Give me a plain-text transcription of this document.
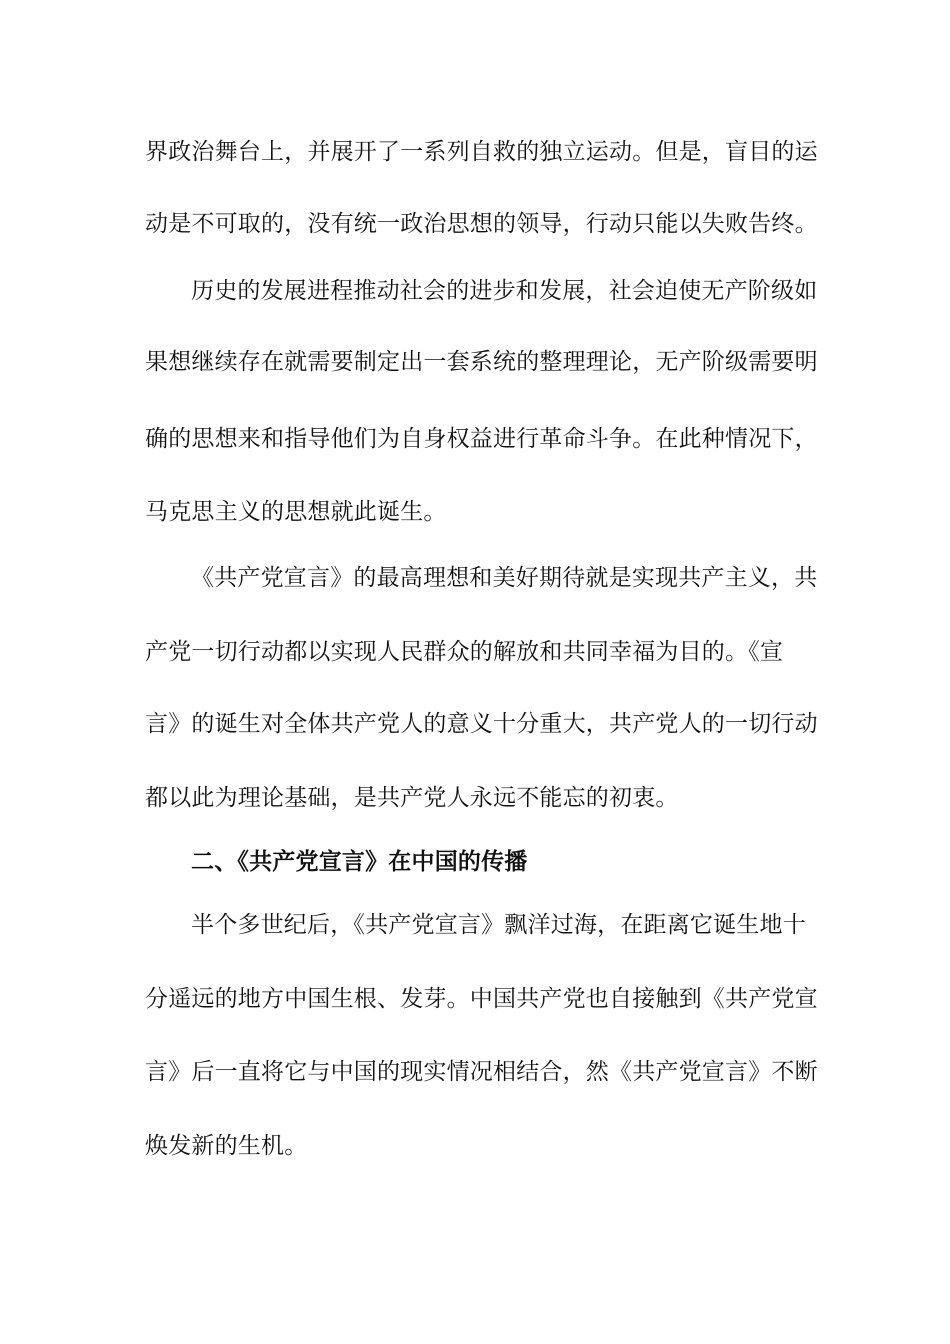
界政治舞台上，并展开了一系列自救的独立运动。但是，盲目的运
动是不可取的，没有统一政治思想的领导，行动只能以失败告终。
历史的发展进程推动社会的进步和发展，社会迫使无产阶级如
果想继续存在就需要制定出一套系统的整理理论，无产阶级需要明
确的思想来和指导他们为自身权益进行革命斗争。在此种情况下，
马克思主义的思想就此诞生。
《共产党宣言》的最高理想和美好期待就是实现共产主义，共
产党一切行动都以实现人民群众的解放和共同幸福为目的。《宣
言》的诞生对全体共产党人的意义十分重大，共产党人的一切行动
都以此为理论基础，是共产党人永远不能忘的初衷。
二、《共产党宣言》在中国的传播
半个多世纪后，《共产党宣言》飘洋过海，在距离它诞生地十
分遥远的地方中国生根、发芽。中国共产党也自接触到《共产党宣
言》后一直将它与中国的现实情况相结合，然《共产党宣言》不断
焕发新的生机。
